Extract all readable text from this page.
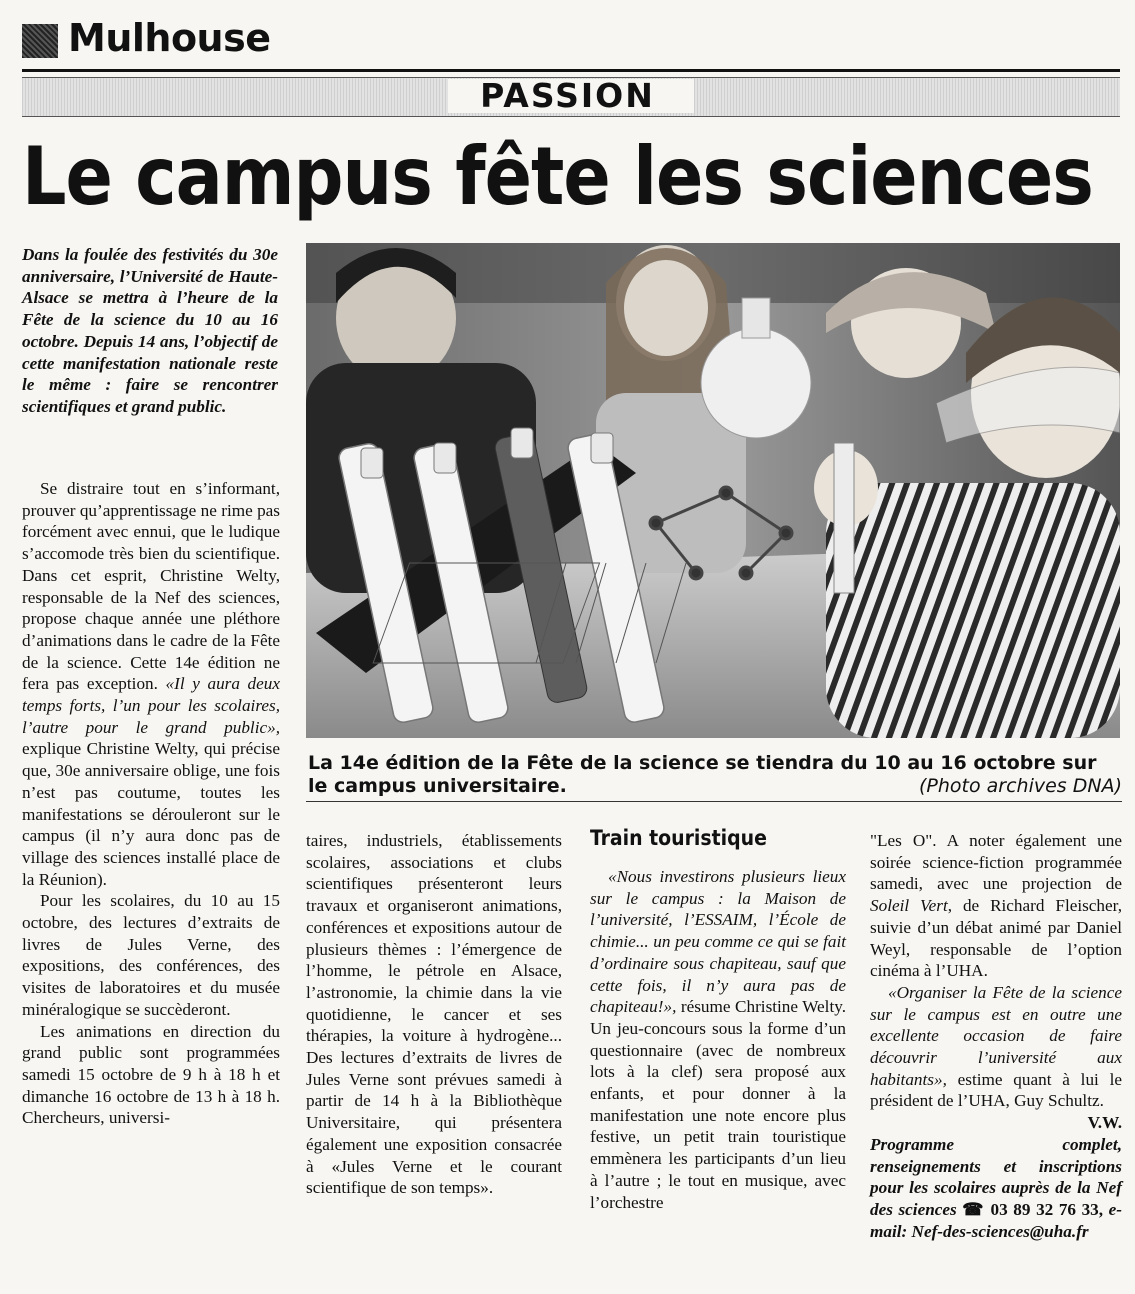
Mulhouse
PASSION
Le campus fête les sciences
Dans la foulée des festivités du 30e anniversaire, l’Université de Haute-Alsace se mettra à l’heure de la Fête de la science du 10 au 16 octobre. Depuis 14 ans, l’objectif de cette manifestation nationale reste le même : faire se rencontrer scientifiques et grand public.

Se distraire tout en s’informant, prouver qu’apprentissage ne rime pas forcément avec ennui, que le ludique s’accomode très bien du scientifique. Dans cet esprit, Christine Welty, responsable de la Nef des sciences, propose chaque année une pléthore d’animations dans le cadre de la Fête de la science. Cette 14e édition ne fera pas exception. «Il y aura deux temps forts, l’un pour les scolaires, l’autre pour le grand public», explique Christine Welty, qui précise que, 30e anniversaire oblige, une fois n’est pas coutume, toutes les manifestations se dérouleront sur le campus (il n’y aura donc pas de village des sciences installé place de la Réunion).

Pour les scolaires, du 10 au 15 octobre, des lectures d’extraits de livres de Jules Verne, des expositions, des conférences, des visites de laboratoires et du musée minéralogique se succèderont.

Les animations en direction du grand public sont programmées samedi 15 octobre de 9 h à 18 h et dimanche 16 octobre de 13 h à 18 h. Chercheurs, universi-

La 14e édition de la Fête de la science se tiendra du 10 au 16 octobre sur le campus universitaire.	(Photo archives DNA)

taires, industriels, établissements scolaires, associations et clubs scientifiques présenteront leurs travaux et organiseront animations, conférences et expositions autour de plusieurs thèmes : l’émergence de l’homme, le pétrole en Alsace, l’astronomie, la chimie dans la vie quotidienne, le cancer et ses thérapies, la voiture à hydrogène... Des lectures d’extraits de livres de Jules Verne sont prévues samedi à partir de 14 h à la Bibliothèque Universitaire, qui présentera également une exposition consacrée à «Jules Verne et le courant scientifique de son temps».

Train touristique

«Nous investirons plusieurs lieux sur le campus : la Maison de l’université, l’ESSAIM, l’École de chimie... un peu comme ce qui se fait d’ordinaire sous chapiteau, sauf que cette fois, il n’y aura pas de chapiteau!», résume Christine Welty. Un jeu-concours sous la forme d’un questionnaire (avec de nombreux lots à la clef) sera proposé aux enfants, et pour donner à la manifestation une note encore plus festive, un petit train touristique emmènera les participants d’un lieu à l’autre ; le tout en musique, avec l’orchestre

"Les O". A noter également une soirée science-fiction programmée samedi, avec une projection de Soleil Vert, de Richard Fleischer, suivie d’un débat animé par Daniel Weyl, responsable de l’option cinéma à l’UHA.

«Organiser la Fête de la science sur le campus est en outre une excellente occasion de faire découvrir l’université aux habitants», estime quant à lui le président de l’UHA, Guy Schultz.
V.W.

Programme complet, renseignements et inscriptions pour les scolaires auprès de la Nef des sciences ☎ 03 89 32 76 33, e-mail: Nef-des-sciences@uha.fr
